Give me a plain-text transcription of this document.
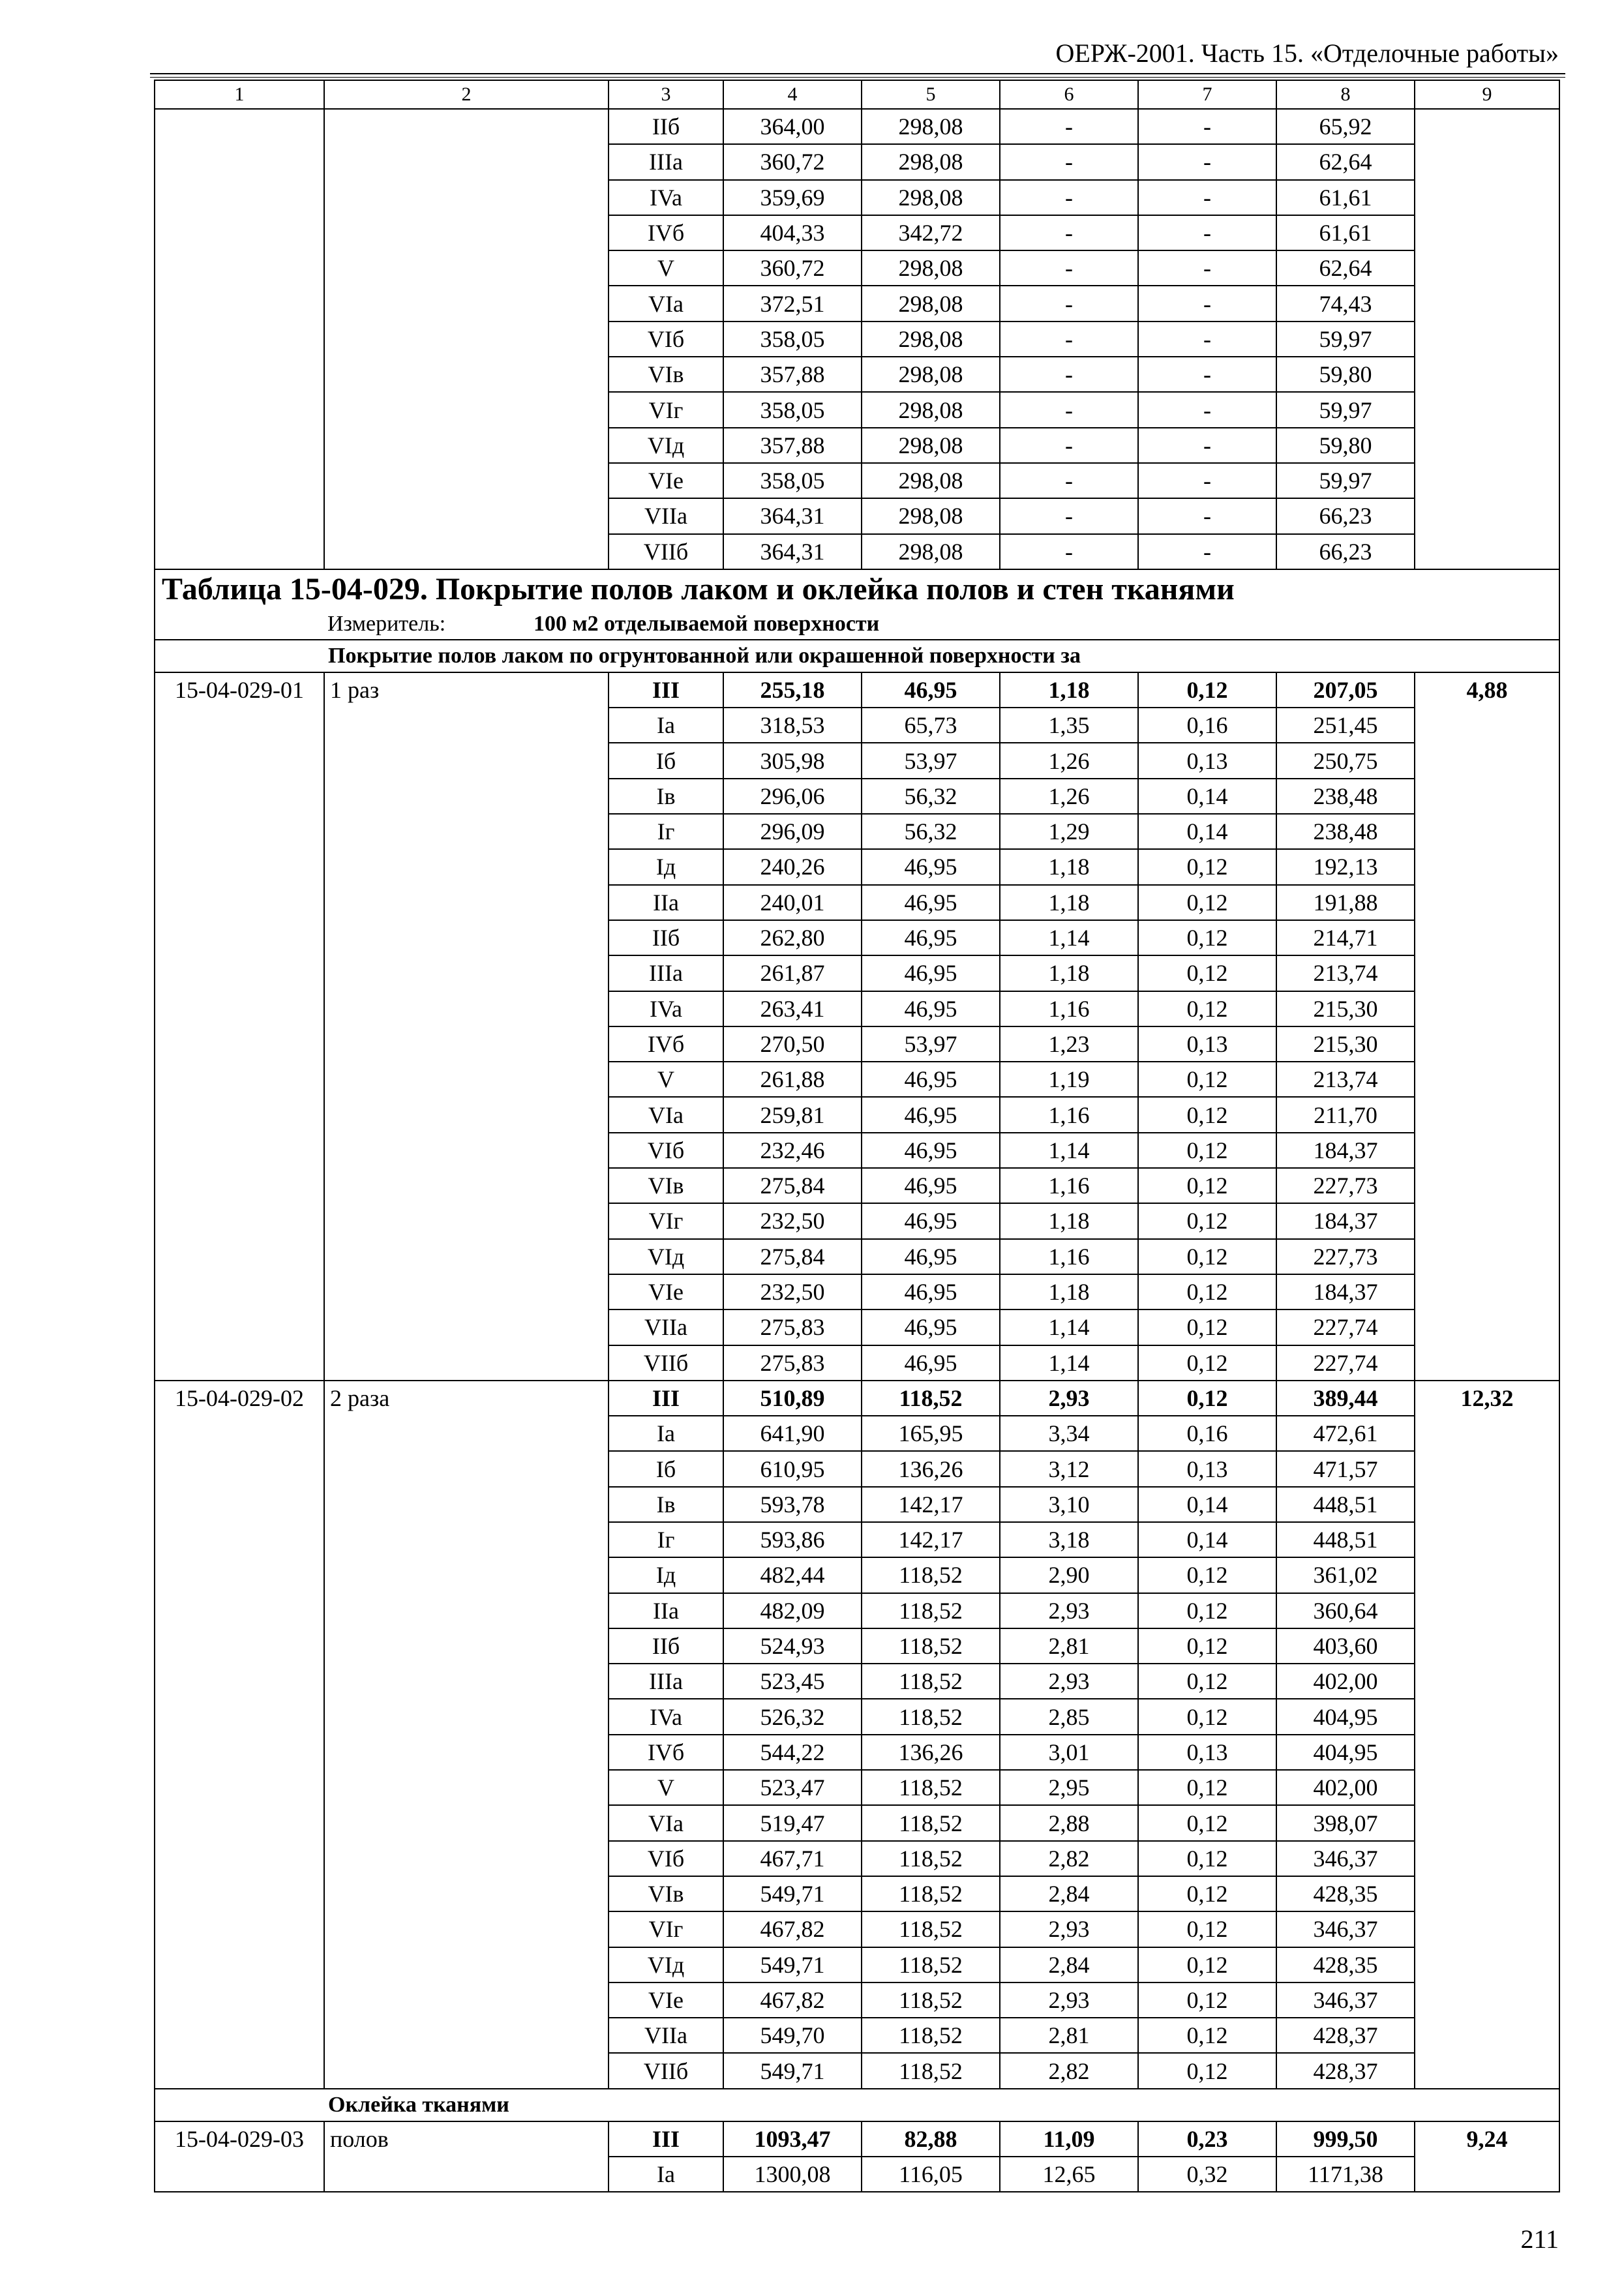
ОЕРЖ-2001. Часть 15. «Отделочные работы»
1	2	3	4	5	6	7	8	9
		IIб	364,00	298,08	-	-	65,92	
		IIIa	360,72	298,08	-	-	62,64	
		IVa	359,69	298,08	-	-	61,61	
		IVб	404,33	342,72	-	-	61,61	
		V	360,72	298,08	-	-	62,64	
		VIa	372,51	298,08	-	-	74,43	
		VIб	358,05	298,08	-	-	59,97	
		VIв	357,88	298,08	-	-	59,80	
		VIг	358,05	298,08	-	-	59,97	
		VIд	357,88	298,08	-	-	59,80	
		VIe	358,05	298,08	-	-	59,97	
		VIIa	364,31	298,08	-	-	66,23	
		VIIб	364,31	298,08	-	-	66,23	
Таблица 15-04-029. Покрытие полов лаком и оклейка полов и стен тканями								
Измеритель: 100 м2 отделываемой поверхности								
Покрытие полов лаком по огрунтованной или окрашенной поверхности за								
15-04-029-01	1 раз	III	255,18	46,95	1,18	0,12	207,05	4,88
		Ia	318,53	65,73	1,35	0,16	251,45	
		Iб	305,98	53,97	1,26	0,13	250,75	
		Iв	296,06	56,32	1,26	0,14	238,48	
		Iг	296,09	56,32	1,29	0,14	238,48	
		Iд	240,26	46,95	1,18	0,12	192,13	
		IIa	240,01	46,95	1,18	0,12	191,88	
		IIб	262,80	46,95	1,14	0,12	214,71	
		IIIa	261,87	46,95	1,18	0,12	213,74	
		IVa	263,41	46,95	1,16	0,12	215,30	
		IVб	270,50	53,97	1,23	0,13	215,30	
		V	261,88	46,95	1,19	0,12	213,74	
		VIa	259,81	46,95	1,16	0,12	211,70	
		VIб	232,46	46,95	1,14	0,12	184,37	
		VIв	275,84	46,95	1,16	0,12	227,73	
		VIг	232,50	46,95	1,18	0,12	184,37	
		VIд	275,84	46,95	1,16	0,12	227,73	
		VIe	232,50	46,95	1,18	0,12	184,37	
		VIIa	275,83	46,95	1,14	0,12	227,74	
		VIIб	275,83	46,95	1,14	0,12	227,74	
15-04-029-02	2 раза	III	510,89	118,52	2,93	0,12	389,44	12,32
		Ia	641,90	165,95	3,34	0,16	472,61	
		Iб	610,95	136,26	3,12	0,13	471,57	
		Iв	593,78	142,17	3,10	0,14	448,51	
		Iг	593,86	142,17	3,18	0,14	448,51	
		Iд	482,44	118,52	2,90	0,12	361,02	
		IIa	482,09	118,52	2,93	0,12	360,64	
		IIб	524,93	118,52	2,81	0,12	403,60	
		IIIa	523,45	118,52	2,93	0,12	402,00	
		IVa	526,32	118,52	2,85	0,12	404,95	
		IVб	544,22	136,26	3,01	0,13	404,95	
		V	523,47	118,52	2,95	0,12	402,00	
		VIa	519,47	118,52	2,88	0,12	398,07	
		VIб	467,71	118,52	2,82	0,12	346,37	
		VIв	549,71	118,52	2,84	0,12	428,35	
		VIг	467,82	118,52	2,93	0,12	346,37	
		VIд	549,71	118,52	2,84	0,12	428,35	
		VIe	467,82	118,52	2,93	0,12	346,37	
		VIIa	549,70	118,52	2,81	0,12	428,37	
		VIIб	549,71	118,52	2,82	0,12	428,37	
Оклейка тканями								
15-04-029-03	полов	III	1093,47	82,88	11,09	0,23	999,50	9,24
		Ia	1300,08	116,05	12,65	0,32	1171,38	
211
